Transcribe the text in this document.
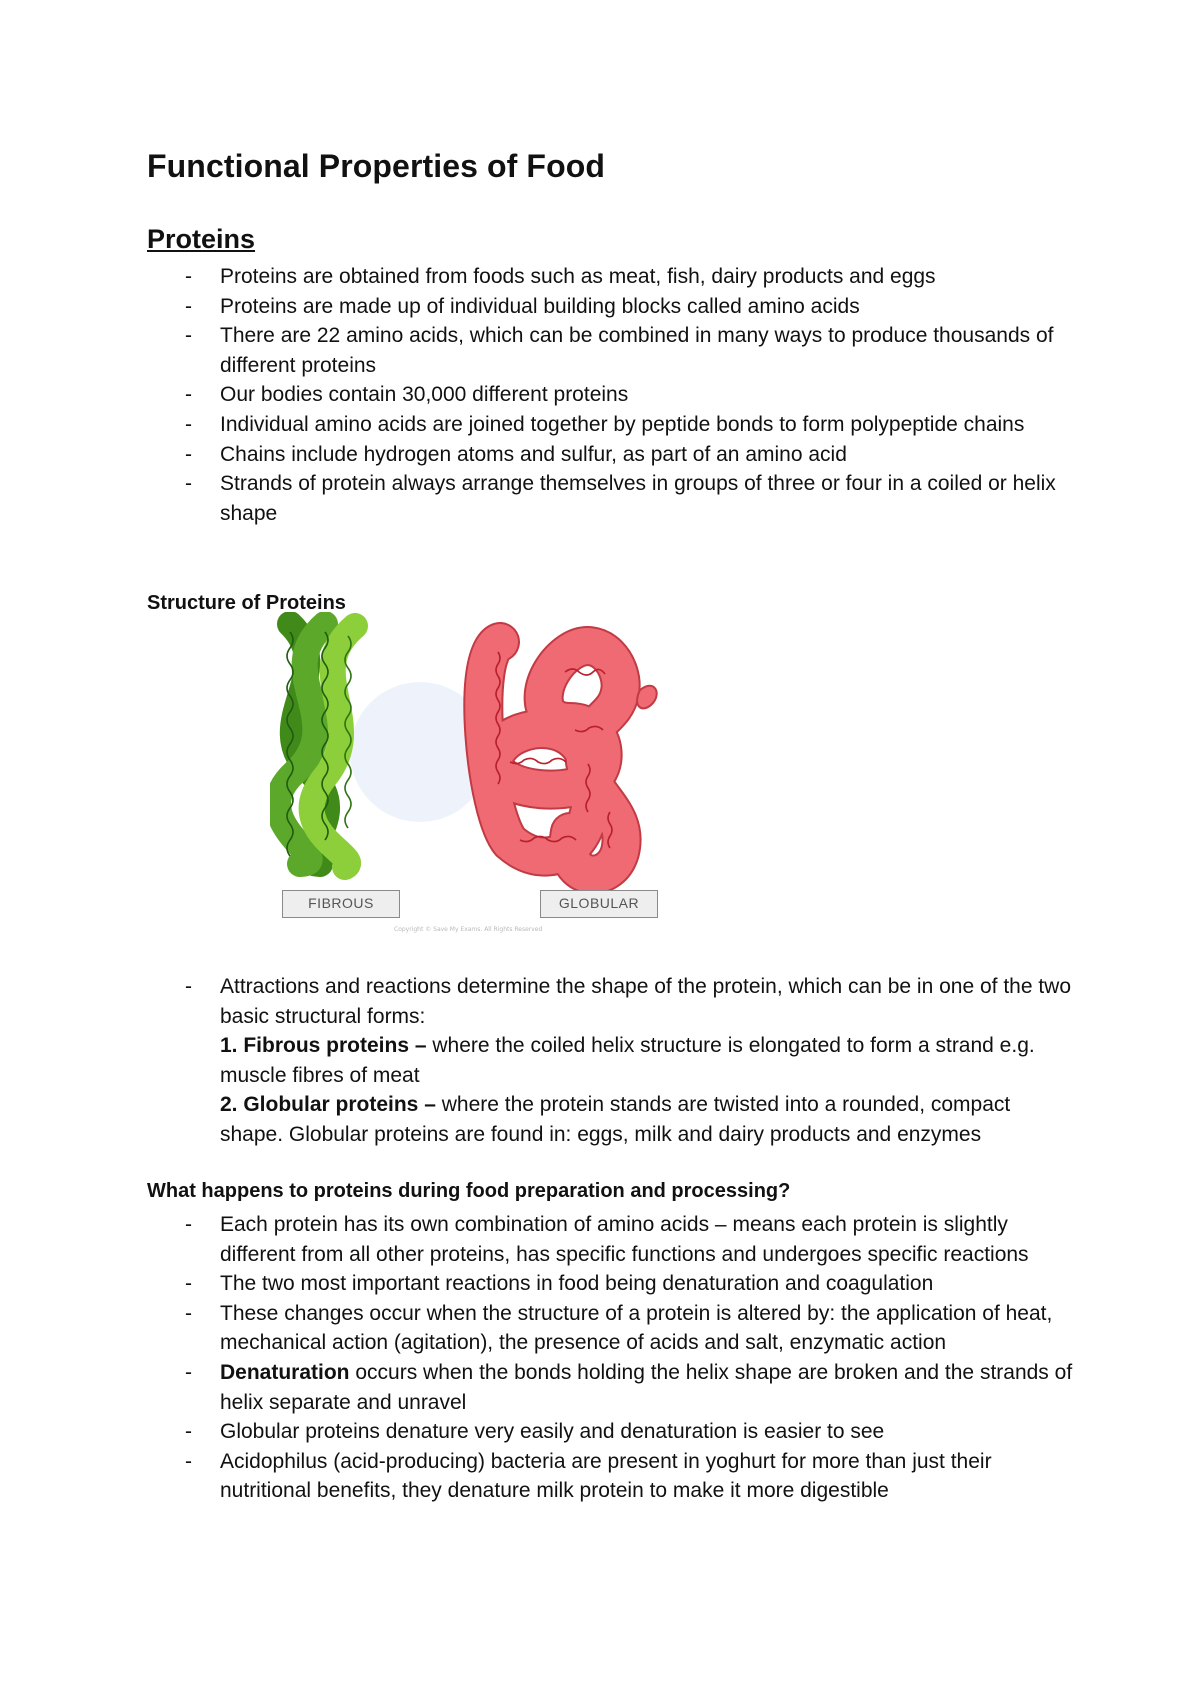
Functional Properties of Food
Proteins
- Proteins are obtained from foods such as meat, fish, dairy products and eggs
- Proteins are made up of individual building blocks called amino acids
- There are 22 amino acids, which can be combined in many ways to produce thousands of different proteins
- Our bodies contain 30,000 different proteins
- Individual amino acids are joined together by peptide bonds to form polypeptide chains
- Chains include hydrogen atoms and sulfur, as part of an amino acid
- Strands of protein always arrange themselves in groups of three or four in a coiled or helix shape
Structure of Proteins
FIBROUS	GLOBULAR
Copyright © Save My Exams. All Rights Reserved
- Attractions and reactions determine the shape of the protein, which can be in one of the two basic structural forms:
1. Fibrous proteins – where the coiled helix structure is elongated to form a strand e.g. muscle fibres of meat
2. Globular proteins – where the protein stands are twisted into a rounded, compact shape. Globular proteins are found in: eggs, milk and dairy products and enzymes
What happens to proteins during food preparation and processing?
- Each protein has its own combination of amino acids – means each protein is slightly different from all other proteins, has specific functions and undergoes specific reactions
- The two most important reactions in food being denaturation and coagulation
- These changes occur when the structure of a protein is altered by: the application of heat, mechanical action (agitation), the presence of acids and salt, enzymatic action
- Denaturation occurs when the bonds holding the helix shape are broken and the strands of helix separate and unravel
- Globular proteins denature very easily and denaturation is easier to see
- Acidophilus (acid-producing) bacteria are present in yoghurt for more than just their nutritional benefits, they denature milk protein to make it more digestible
